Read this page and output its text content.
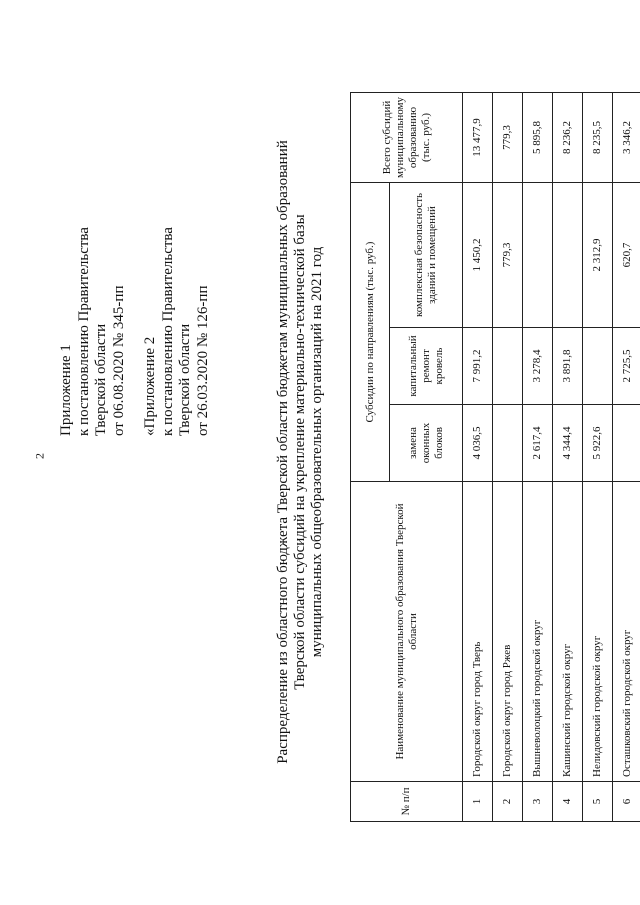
2
Приложение 1 к постановлению Правительства Тверской области от 06.08.2020 № 345-пп «Приложение 2 к постановлению Правительства Тверской области от 26.03.2020 № 126-пп	Распределение из областного бюджета Тверской области бюджетам муниципальных образований Тверской области субсидий на укрепление материально-технической базы муниципальных общеобразовательных организаций на 2021 год
№ п/п	Наименование муниципального образования Тверской области	Субсидии по направлениям (тыс. руб.)			Всего субсидий муниципальному образованию (тыс. руб.)
		замена оконных блоков	капитальный ремонт кровель	комплексная безопасность зданий и помещений	
1	Городской округ город Тверь	4 036,5	7 991,2	1 450,2	13 477,9
2	Городской округ город Ржев			779,3	779,3
3	Вышневолоцкий городской округ	2 617,4	3 278,4		5 895,8
4	Кашинский городской округ	4 344,4	3 891,8		8 236,2
5	Нелидовский городской округ	5 922,6		2 312,9	8 235,5
6	Осташковский городской округ		2 725,5	620,7	3 346,2
